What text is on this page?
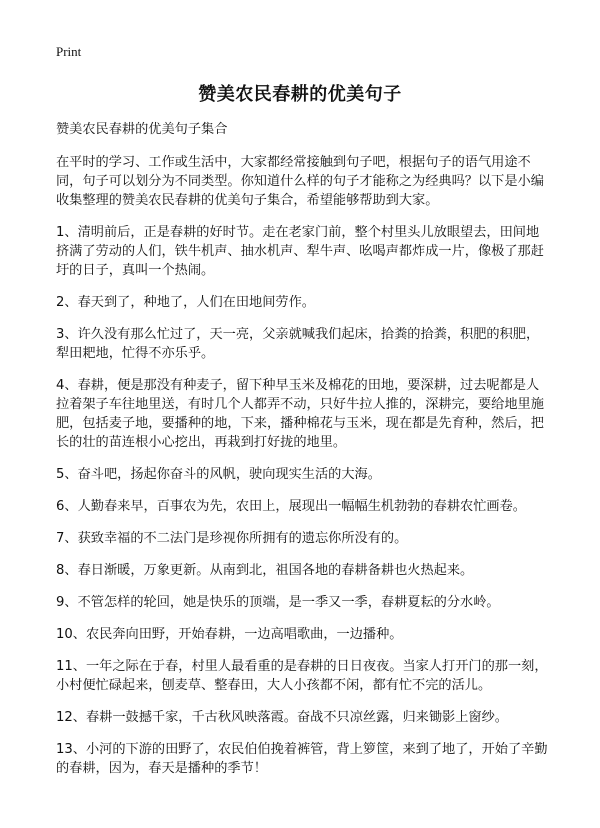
Print
赞美农民春耕的优美句子

赞美农民春耕的优美句子集合

在平时的学习、工作或生活中，大家都经常接触到句子吧，根据句子的语气用途不同，句子可以划分为不同类型。你知道什么样的句子才能称之为经典吗？以下是小编收集整理的赞美农民春耕的优美句子集合，希望能够帮助到大家。

1、清明前后，正是春耕的好时节。走在老家门前，整个村里头儿放眼望去，田间地挤满了劳动的人们，铁牛机声、抽水机声、犁牛声、吆喝声都炸成一片，像极了那赶圩的日子，真叫一个热闹。

2、春天到了，种地了，人们在田地间劳作。

3、许久没有那么忙过了，天一亮，父亲就喊我们起床，拾粪的拾粪，积肥的积肥，犁田耙地，忙得不亦乐乎。

4、春耕，便是那没有种麦子，留下种早玉米及棉花的田地，要深耕，过去呢都是人拉着架子车往地里送，有时几个人都弄不动，只好牛拉人推的，深耕完，要给地里施肥，包括麦子地，要播种的地，下来，播种棉花与玉米，现在都是先育种，然后，把长的壮的苗连根小心挖出，再栽到打好拢的地里。

5、奋斗吧，扬起你奋斗的风帆，驶向现实生活的大海。

6、人勤春来早，百事农为先，农田上，展现出一幅幅生机勃勃的春耕农忙画卷。

7、获致幸福的不二法门是珍视你所拥有的遗忘你所没有的。

8、春日渐暖，万象更新。从南到北，祖国各地的春耕备耕也火热起来。

9、不管怎样的轮回，她是快乐的顶端，是一季又一季，春耕夏耘的分水岭。

10、农民奔向田野，开始春耕，一边高唱歌曲，一边播种。

11、一年之际在于春，村里人最看重的是春耕的日日夜夜。当家人打开门的那一刻，小村便忙碌起来，刨麦草、整春田，大人小孩都不闲，都有忙不完的活儿。

12、春耕一鼓撼千家，千古秋风映落霞。奋战不只凉丝露，归来锄影上窗纱。

13、小河的下游的田野了，农民伯伯挽着裤管，背上箩筐，来到了地了，开始了辛勤的春耕，因为，春天是播种的季节！
